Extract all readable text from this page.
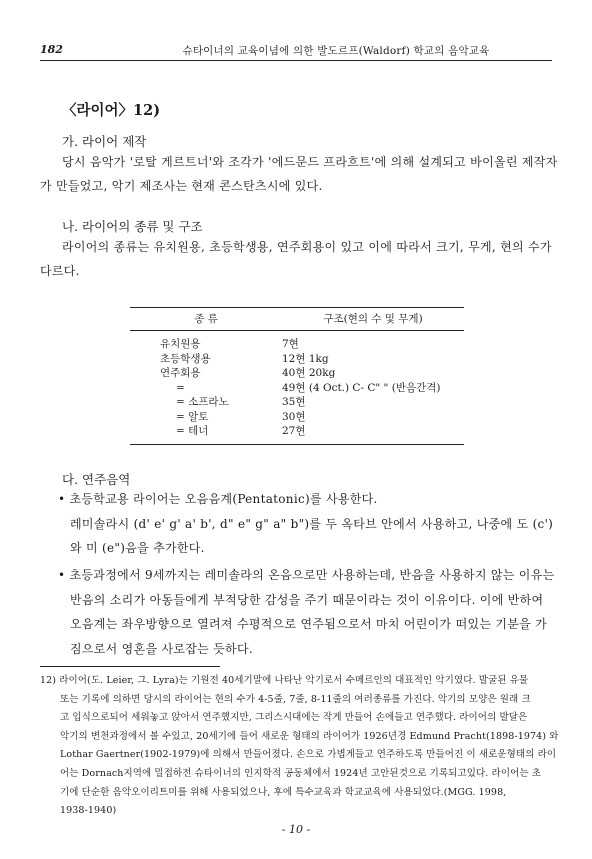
182	슈타이너의 교육이념에 의한 발도르프(Waldorf) 학교의 음악교육
〈라이어〉12)
가. 라이어 제작
당시 음악가 '로탈 게르트너'와 조각가 '에드문드 프라흐트'에 의해 설계되고 바이올린 제작자
가 만들었고, 악기 제조사는 현재 콘스탄츠시에 있다.
나. 라이어의 종류 및 구조
라이어의 종류는 유치원용, 초등학생용, 연주회용이 있고 이에 따라서 크기, 무게, 현의 수가
다르다.
종 류	구조(현의 수 및 무게)
유치원용	7현
초등학생용	12현 1kg
연주회용	40현 20kg
=	49현 (4 Oct.) C- C" " (반음간격)
= 소프라노	35현
= 알토	30현
= 테너	27현
다. 연주음역
• 초등학교용 라이어는 오음음계(Pentatonic)를 사용한다.
레미솔라시 (d' e' g' a' b', d" e" g" a" b")를 두 옥타브 안에서 사용하고, 나중에 도 (c')
와 미 (e")음을 추가한다.
• 초등과정에서 9세까지는 레미솔라의 온음으로만 사용하는데, 반음을 사용하지 않는 이유는
반음의 소리가 아동들에게 부적당한 감성을 주기 때문이라는 것이 이유이다. 이에 반하여
오음계는 좌우방향으로 열려져 수평적으로 연주됨으로서 마치 어린이가 떠있는 기분을 가
짐으로서 영혼을 사로잡는 듯하다.
12) 라이어(도. Leier, 그. Lyra)는 기원전 40세기말에 나타난 악기로서 수메르인의 대표적인 악기였다. 발굴된 유물
또는 기록에 의하면 당시의 라이어는 현의 수가 4-5줄, 7줄, 8-11줄의 여러종류를 가진다. 악기의 모양은 원래 크
고 입식으로되어 세워놓고 앉아서 연주했지만, 그리스시대에는 작게 만들어 손에들고 연주했다. 라이어의 발달은
악기의 변천과정에서 볼 수있고, 20세기에 들어 새로운 형태의 라이어가 1926년경 Edmund Pracht(1898-1974) 와
Lothar Gaertner(1902-1979)에 의해서 만들어졌다. 손으로 가볍게들고 연주하도록 만들어진 이 새로운형태의 라이
어는 Dornach지역에 밀접하전 슈타이너의 인지학적 공동체에서 1924년 고안된것으로 기록되고있다. 라이어는 초
기에 단순한 음악오이리트미를 위해 사용되었으나, 후에 특수교육과 학교교육에 사용되었다.(MGG. 1998,
1938-1940)
- 10 -
